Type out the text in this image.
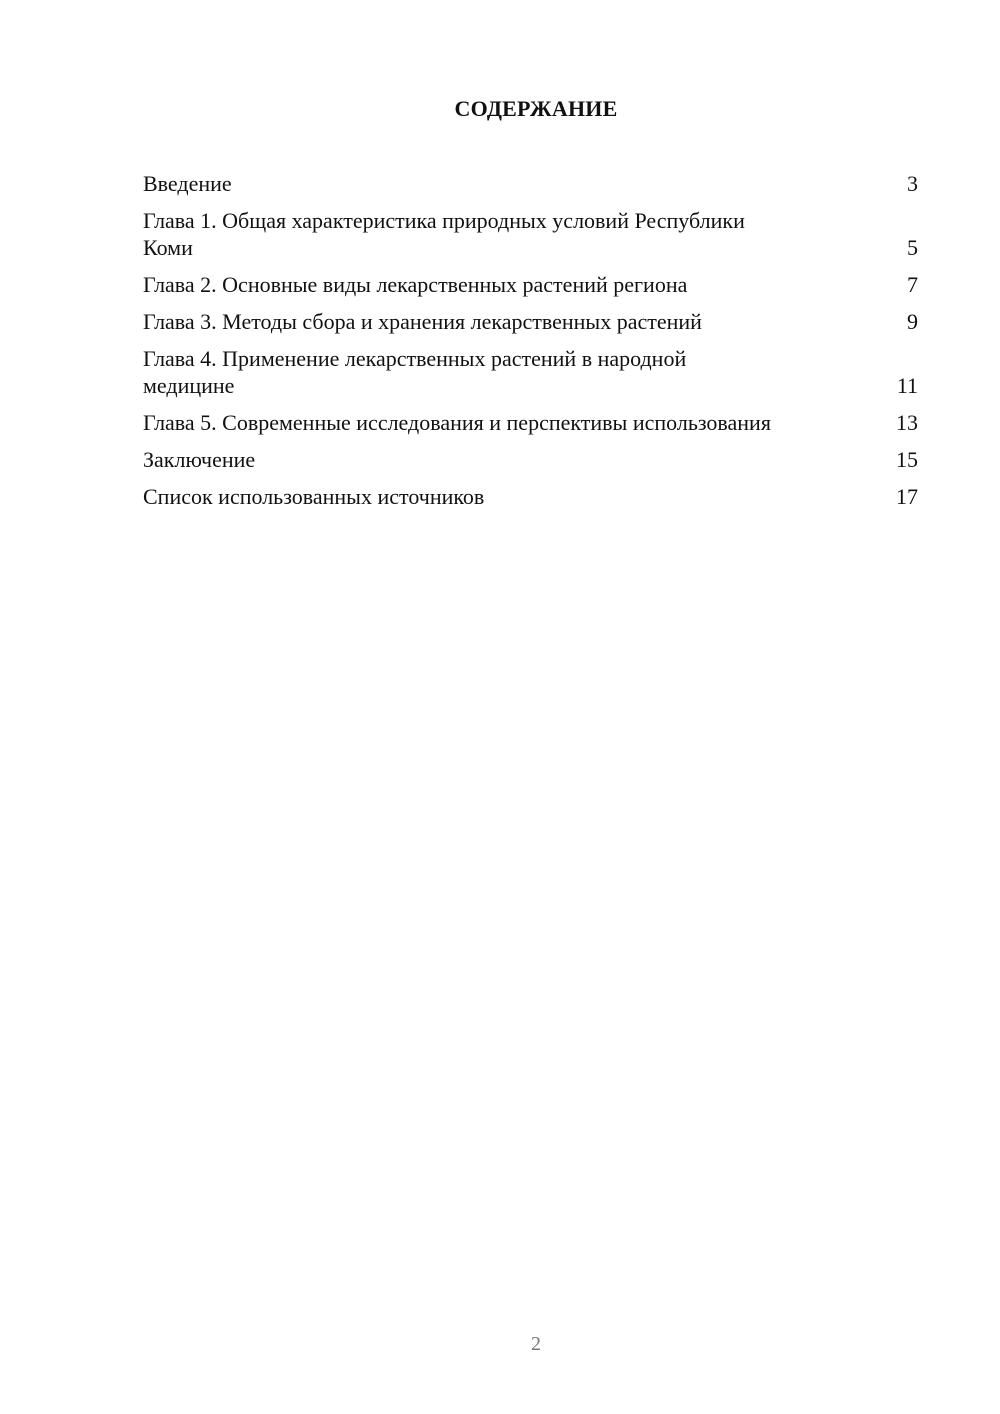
СОДЕРЖАНИЕ
Введение	3
Глава 1. Общая характеристика природных условий Республики Коми	5
Глава 2. Основные виды лекарственных растений региона	7
Глава 3. Методы сбора и хранения лекарственных растений	9
Глава 4. Применение лекарственных растений в народной медицине	11
Глава 5. Современные исследования и перспективы использования	13
Заключение	15
Список использованных источников	17
2
